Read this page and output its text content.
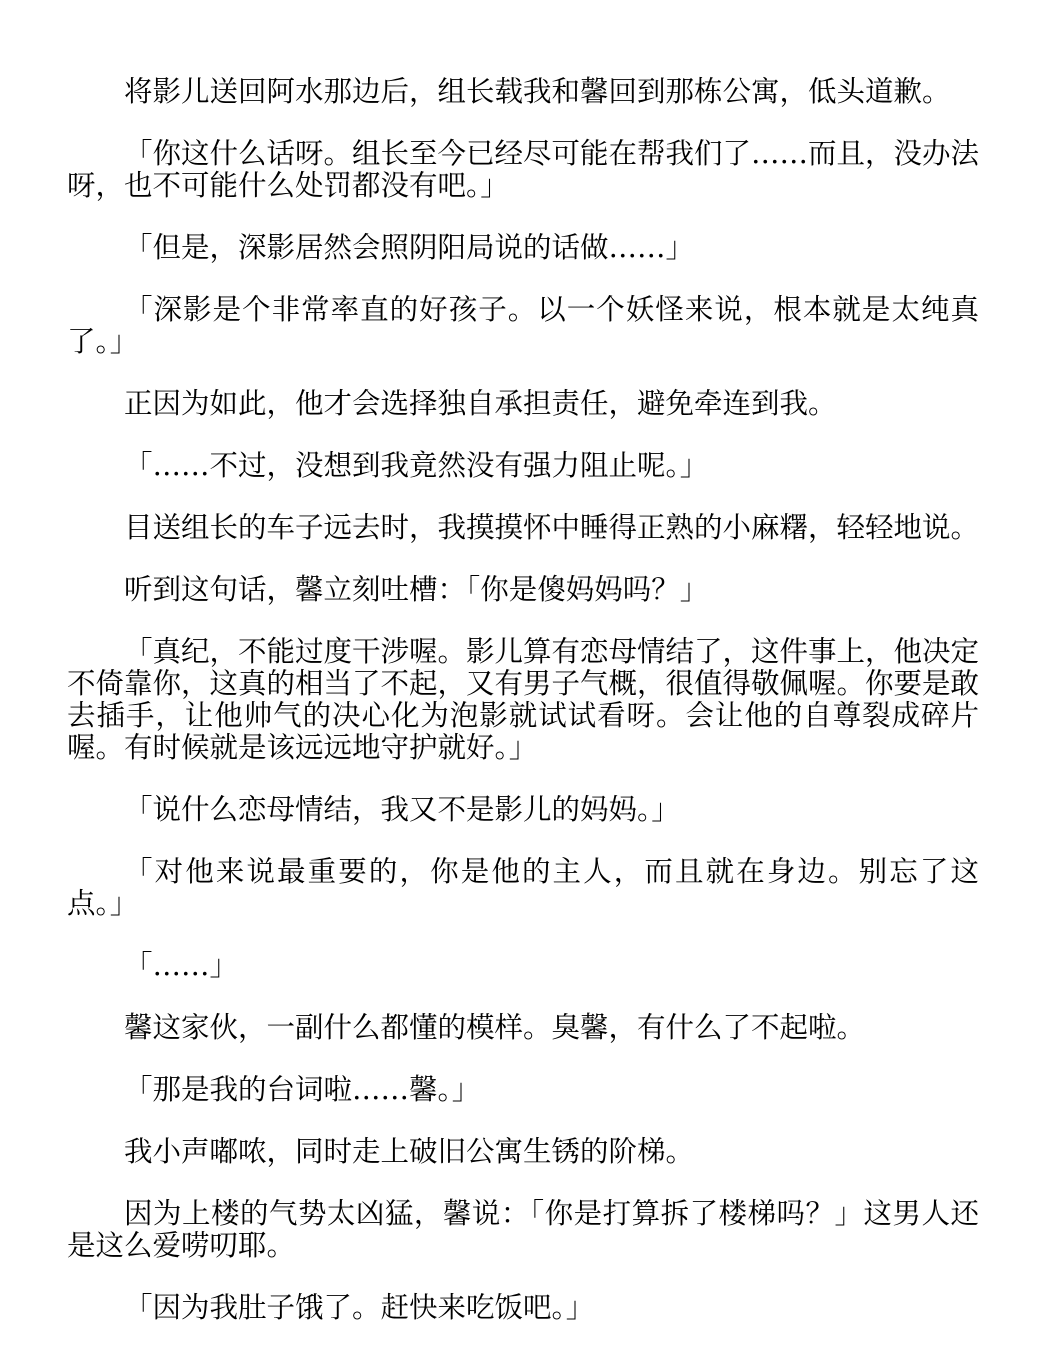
将影儿送回阿水那边后，组长载我和馨回到那栋公寓，低头道歉。

「你这什么话呀。组长至今已经尽可能在帮我们了……而且，没办法呀，也不可能什么处罚都没有吧。」

「但是，深影居然会照阴阳局说的话做……」

「深影是个非常率直的好孩子。以一个妖怪来说，根本就是太纯真了。」

正因为如此，他才会选择独自承担责任，避免牵连到我。

「……不过，没想到我竟然没有强力阻止呢。」

目送组长的车子远去时，我摸摸怀中睡得正熟的小麻糬，轻轻地说。

听到这句话，馨立刻吐槽：「你是傻妈妈吗？」

「真纪，不能过度干涉喔。影儿算有恋母情结了，这件事上，他决定不倚靠你，这真的相当了不起，又有男子气概，很值得敬佩喔。你要是敢去插手，让他帅气的决心化为泡影就试试看呀。会让他的自尊裂成碎片喔。有时候就是该远远地守护就好。」

「说什么恋母情结，我又不是影儿的妈妈。」

「对他来说最重要的，你是他的主人，而且就在身边。别忘了这点。」

「……」

馨这家伙，一副什么都懂的模样。臭馨，有什么了不起啦。

「那是我的台词啦……馨。」

我小声嘟哝，同时走上破旧公寓生锈的阶梯。

因为上楼的气势太凶猛，馨说：「你是打算拆了楼梯吗？」这男人还是这么爱唠叨耶。

「因为我肚子饿了。赶快来吃饭吧。」
